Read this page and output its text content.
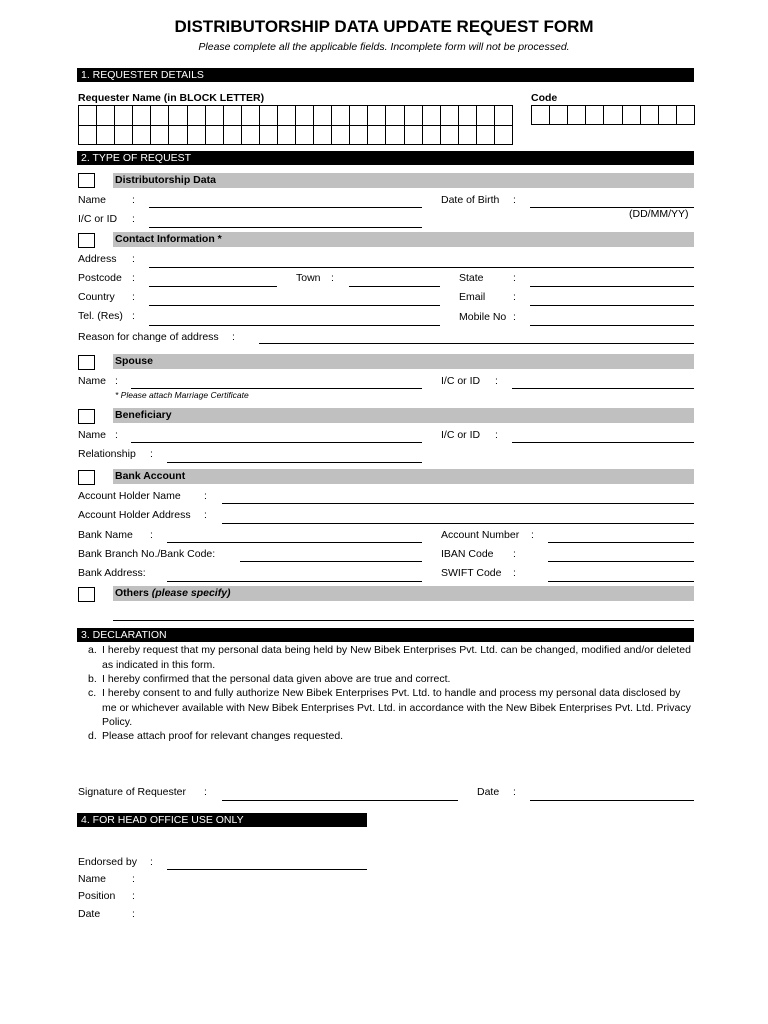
DISTRIBUTORSHIP DATA UPDATE REQUEST FORM
Please complete all the applicable fields. Incomplete form will not be processed.
1. REQUESTER DETAILS
Requester Name (in BLOCK LETTER)	Code
2. TYPE OF REQUEST
Distributorship Data
Name :	Date of Birth :
(DD/MM/YY)
I/C or ID :
Contact Information *
Address :
Postcode :	Town :	State	:
Country :	Email	:
Tel. (Res) :	Mobile No :
Reason for change of address :
Spouse
Name :	I/C or ID :
* Please attach Marriage Certificate
Beneficiary
Name :	I/C or ID :
Relationship :
Bank Account
Account Holder Name :
Account Holder Address :
Bank Name :	Account Number :
Bank Branch No./Bank Code:	IBAN Code :
Bank Address:	SWIFT Code :
Others (please specify)
3. DECLARATION
a. I hereby request that my personal data being held by New Bibek Enterprises Pvt. Ltd. can be changed, modified and/or deleted as indicated in this form.
b. I hereby confirmed that the personal data given above are true and correct.
c. I hereby consent to and fully authorize New Bibek Enterprises Pvt. Ltd. to handle and process my personal data disclosed by me or whichever available with New Bibek Enterprises Pvt. Ltd. in accordance with the New Bibek Enterprises Pvt. Ltd. Privacy Policy.
d. Please attach proof for relevant changes requested.
Signature of Requester :	Date :
4. FOR HEAD OFFICE USE ONLY
Endorsed by :
Name :
Position :
Date	:
